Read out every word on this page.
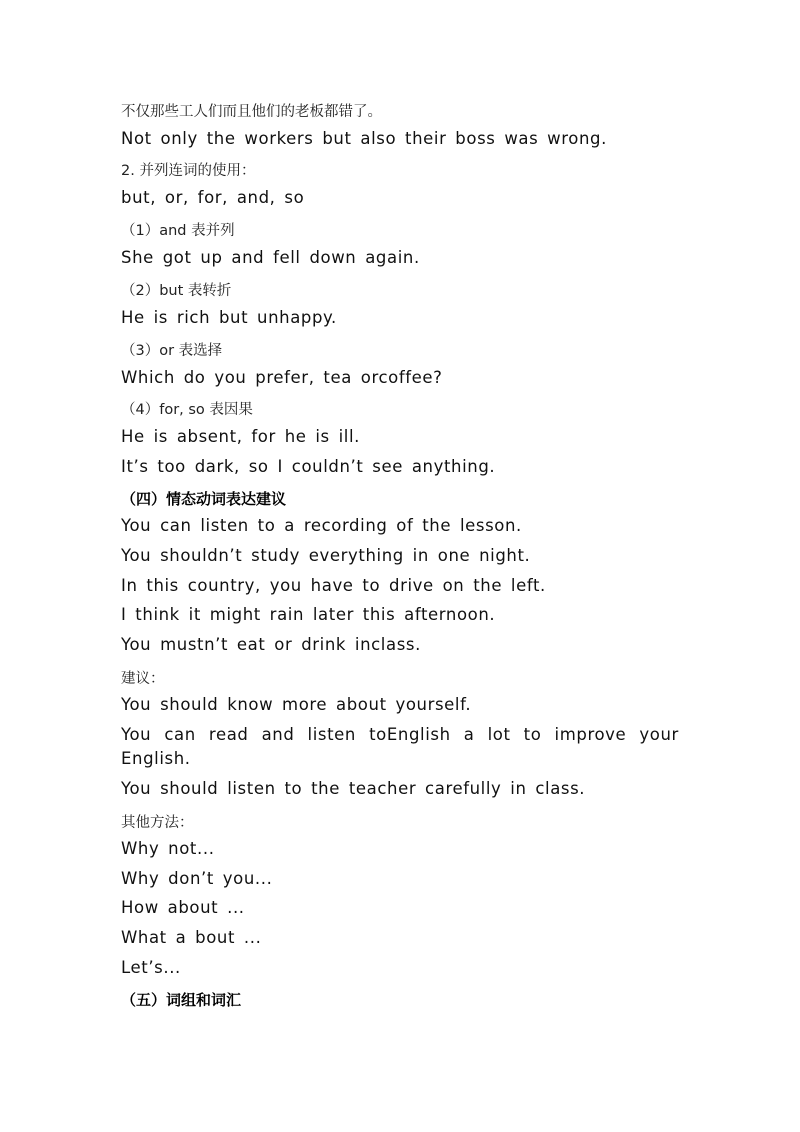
不仅那些工人们而且他们的老板都错了。

Not only the workers but also their boss was wrong.

2. 并列连词的使用：

but, or, for, and, so

（1）and 表并列

She got up and fell down again.

（2）but 表转折

He is rich but unhappy.

（3）or 表选择

Which do you prefer, tea orcoffee?

（4）for, so 表因果

He is absent, for he is ill.

It’s too dark, so I couldn’t see anything.

（四）情态动词表达建议

You can listen to a recording of the lesson.

You shouldn’t study everything in one night.

In this country, you have to drive on the left.

I think it might rain later this afternoon.

You mustn’t eat or drink inclass.

建议：

You should know more about yourself.

You can read and listen toEnglish a lot to improve your

English.

You should listen to the teacher carefully in class.

其他方法：

Why not...

Why don’t you...

How about ...

What a bout ...

Let’s...

（五）词组和词汇
